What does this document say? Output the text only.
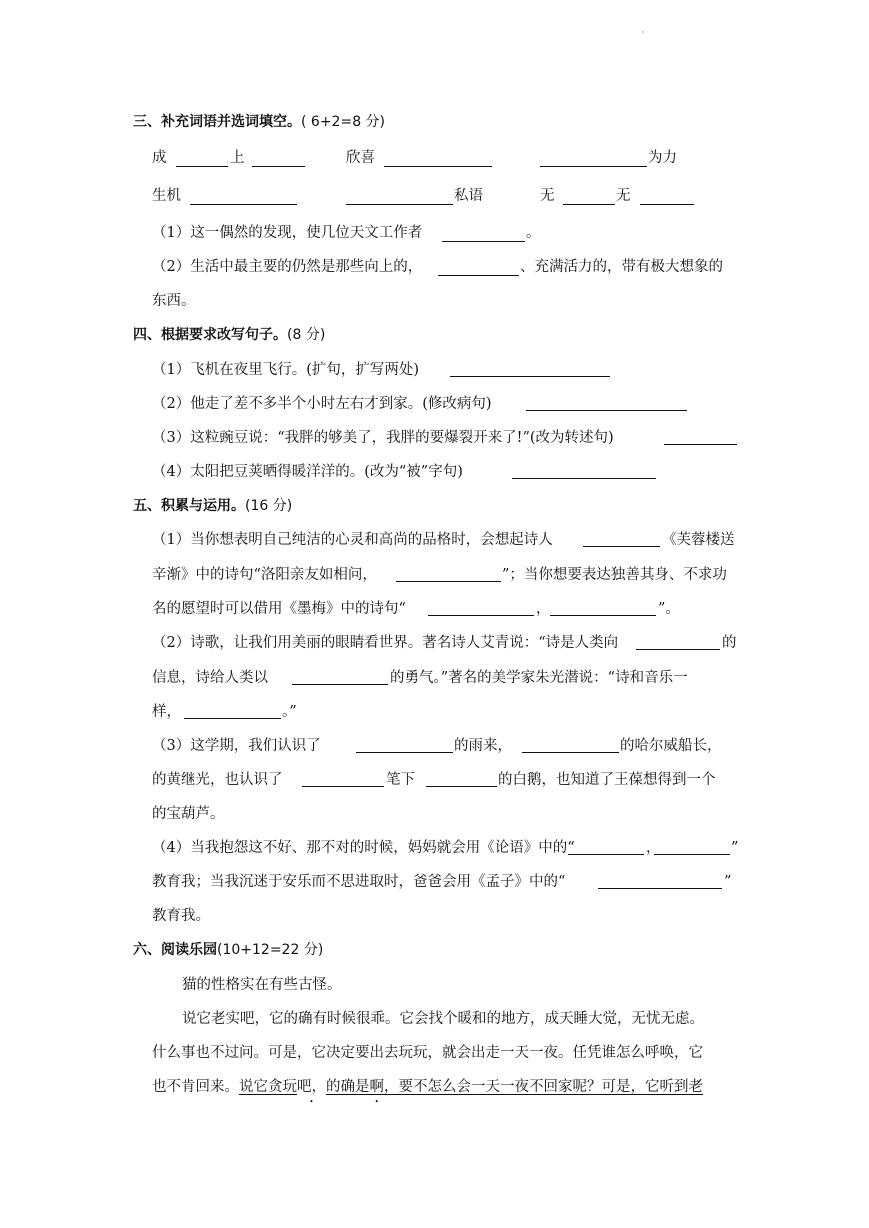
'
三、补充词语并选词填空。( 6+2=8 分)
成	上	欣喜	为力
生机	私语	无	无
（1）这一偶然的发现，使几位天文工作者	。
（2）生活中最主要的仍然是那些向上的，	、充满活力的，带有极大想象的
东西。
四、根据要求改写句子。(8 分)
（1）飞机在夜里飞行。(扩句，扩写两处)
（2）他走了差不多半个小时左右才到家。(修改病句)
（3）这粒豌豆说：“我胖的够美了，我胖的要爆裂开来了!”(改为转述句)
（4）太阳把豆荚晒得暖洋洋的。(改为“被”字句)
五、积累与运用。(16 分)
（1）当你想表明自己纯洁的心灵和高尚的品格时，会想起诗人	《芙蓉楼送
辛渐》中的诗句“洛阳亲友如相问，	”；当你想要表达独善其身、不求功
名的愿望时可以借用《墨梅》中的诗句“	，	”。
（2）诗歌，让我们用美丽的眼睛看世界。著名诗人艾青说：“诗是人类向	的
信息，诗给人类以	的勇气。”著名的美学家朱光潜说：“诗和音乐一
样，	。”
（3）这学期，我们认识了	的雨来，	的哈尔威船长，
的黄继光，也认识了	笔下	的白鹅，也知道了王葆想得到一个
的宝葫芦。
（4）当我抱怨这不好、那不对的时候，妈妈就会用《论语》中的“	，	”
教育我；当我沉迷于安乐而不思进取时，爸爸会用《孟子》中的“	”
教育我。
六、阅读乐园(10+12=22 分)
猫的性格实在有些古怪。
说它老实吧，它的确有时候很乖。它会找个暖和的地方，成天睡大觉，无忧无虑。
什么事也不过问。可是，它决定要出去玩玩，就会出走一天一夜。任凭谁怎么呼唤，它
也不肯回来。说它贪玩吧， •的确是啊，要不怎么会一天一夜不回家呢？可是，它听到老
